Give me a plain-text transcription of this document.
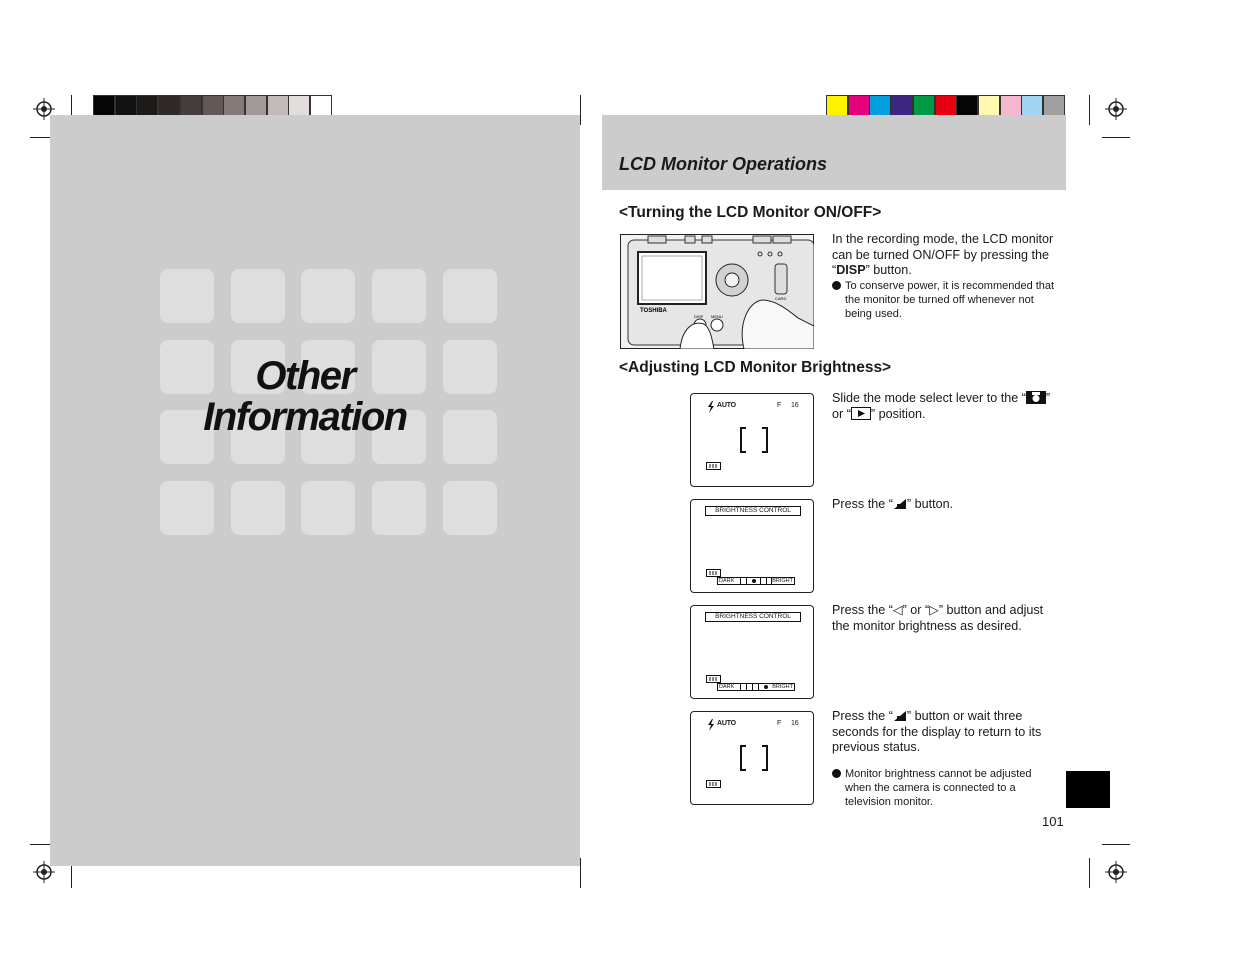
Other
Information
LCD Monitor Operations
<Turning the LCD Monitor ON/OFF>
TOSHIBA
DISP MENU
CARD
In the recording mode, the LCD monitor can be turned ON/OFF by pressing the “DISP” button.
To conserve power, it is recommended that the monitor be turned off whenever not being used.
<Adjusting LCD Monitor Brightness>
AUTO	F 16
Slide the mode select lever to the “ ” or “ ” position.
BRIGHTNESS CONTROL
DARK	BRIGHT
Press the “ ” button.
BRIGHTNESS CONTROL
DARK	BRIGHT
Press the “◁” or “▷” button and adjust the monitor brightness as desired.
AUTO	F 16
Press the “ ” button or wait three seconds for the display to return to its previous status.
Monitor brightness cannot be adjusted when the camera is connected to a television monitor.
101
